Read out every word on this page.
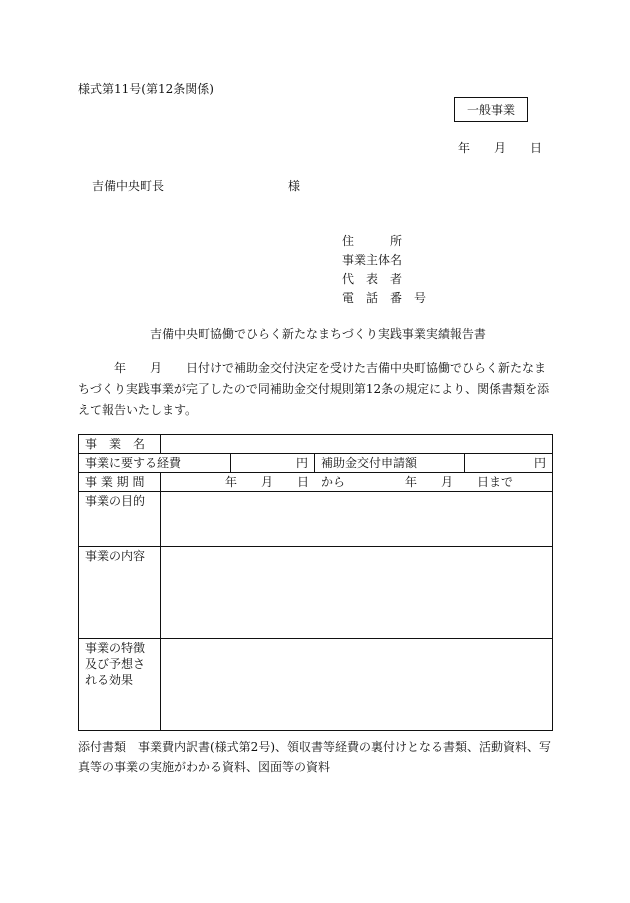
様式第11号(第12条関係)
一般事業
年　　月　　日
吉備中央町長	様
住　　　所
事業主体名
代　表　者
電　話　番　号
吉備中央町協働でひらく新たなまちづくり実践事業実績報告書
年　　月　　日付けで補助金交付決定を受けた吉備中央町協働でひらく新たなまちづくり実践事業が完了したので同補助金交付規則第12条の規定により、関係書類を添えて報告いたします。
事　業　名				
事業に要する経費		円	補助金交付申請額	円
事 業 期 間	年　　月　　日　から　　　　　年　　月　　日まで			
事業の目的				
事業の内容				
事業の特徴及び予想される効果				
添付書類　事業費内訳書(様式第2号)、領収書等経費の裏付けとなる書類、活動資料、写真等の事業の実施がわかる資料、図面等の資料
